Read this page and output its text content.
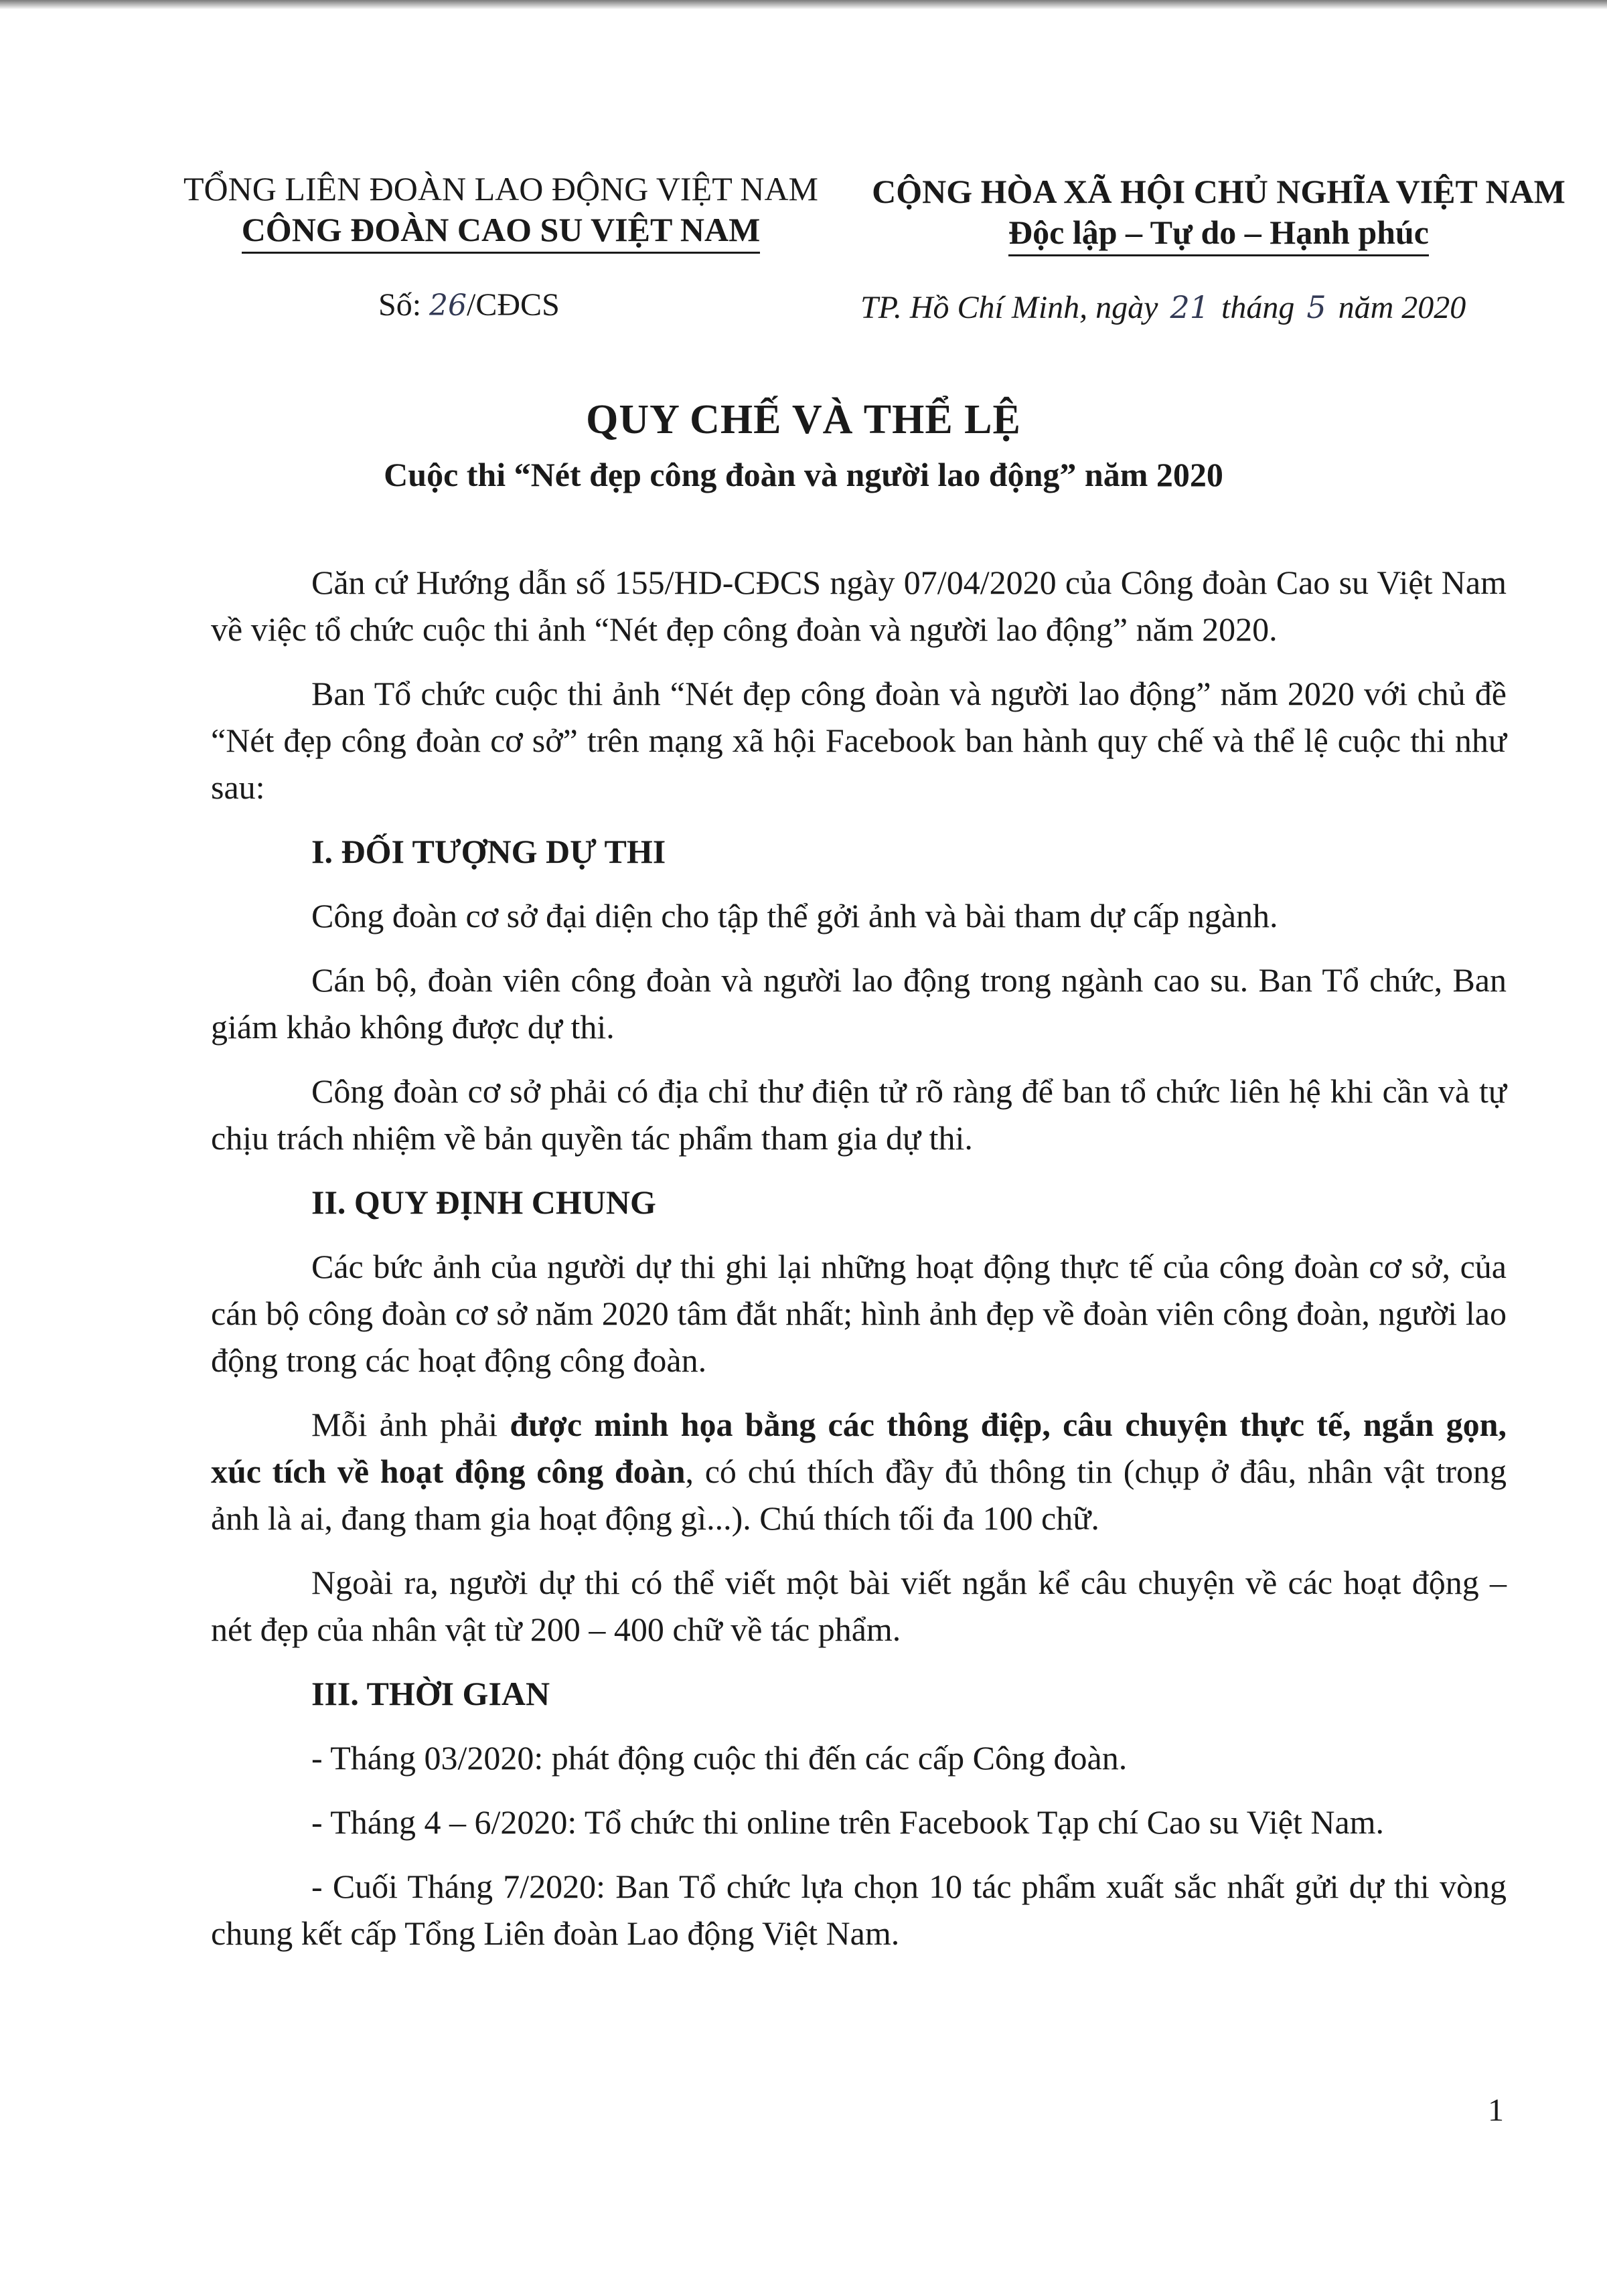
TỔNG LIÊN ĐOÀN LAO ĐỘNG VIỆT NAM
CÔNG ĐOÀN CAO SU VIỆT NAM
CỘNG HÒA XÃ HỘI CHỦ NGHĨA VIỆT NAM
Độc lập – Tự do – Hạnh phúc
Số: 26/CĐCS	TP. Hồ Chí Minh, ngày 21 tháng 5 năm 2020
QUY CHẾ VÀ THỂ LỆ
Cuộc thi “Nét đẹp công đoàn và người lao động” năm 2020

Căn cứ Hướng dẫn số 155/HD-CĐCS ngày 07/04/2020 của Công đoàn Cao su Việt Nam về việc tổ chức cuộc thi ảnh “Nét đẹp công đoàn và người lao động” năm 2020.

Ban Tổ chức cuộc thi ảnh “Nét đẹp công đoàn và người lao động” năm 2020 với chủ đề “Nét đẹp công đoàn cơ sở” trên mạng xã hội Facebook ban hành quy chế và thể lệ cuộc thi như sau:

I. ĐỐI TƯỢNG DỰ THI

Công đoàn cơ sở đại diện cho tập thể gởi ảnh và bài tham dự cấp ngành.

Cán bộ, đoàn viên công đoàn và người lao động trong ngành cao su. Ban Tổ chức, Ban giám khảo không được dự thi.

Công đoàn cơ sở phải có địa chỉ thư điện tử rõ ràng để ban tổ chức liên hệ khi cần và tự chịu trách nhiệm về bản quyền tác phẩm tham gia dự thi.

II. QUY ĐỊNH CHUNG

Các bức ảnh của người dự thi ghi lại những hoạt động thực tế của công đoàn cơ sở, của cán bộ công đoàn cơ sở năm 2020 tâm đắt nhất; hình ảnh đẹp về đoàn viên công đoàn, người lao động trong các hoạt động công đoàn.

Mỗi ảnh phải được minh họa bằng các thông điệp, câu chuyện thực tế, ngắn gọn, xúc tích về hoạt động công đoàn, có chú thích đầy đủ thông tin (chụp ở đâu, nhân vật trong ảnh là ai, đang tham gia hoạt động gì...). Chú thích tối đa 100 chữ.

Ngoài ra, người dự thi có thể viết một bài viết ngắn kể câu chuyện về các hoạt động – nét đẹp của nhân vật từ 200 – 400 chữ về tác phẩm.

III. THỜI GIAN

- Tháng 03/2020: phát động cuộc thi đến các cấp Công đoàn.

- Tháng 4 – 6/2020: Tổ chức thi online trên Facebook Tạp chí Cao su Việt Nam.

- Cuối Tháng 7/2020: Ban Tổ chức lựa chọn 10 tác phẩm xuất sắc nhất gửi dự thi vòng chung kết cấp Tổng Liên đoàn Lao động Việt Nam.

1
